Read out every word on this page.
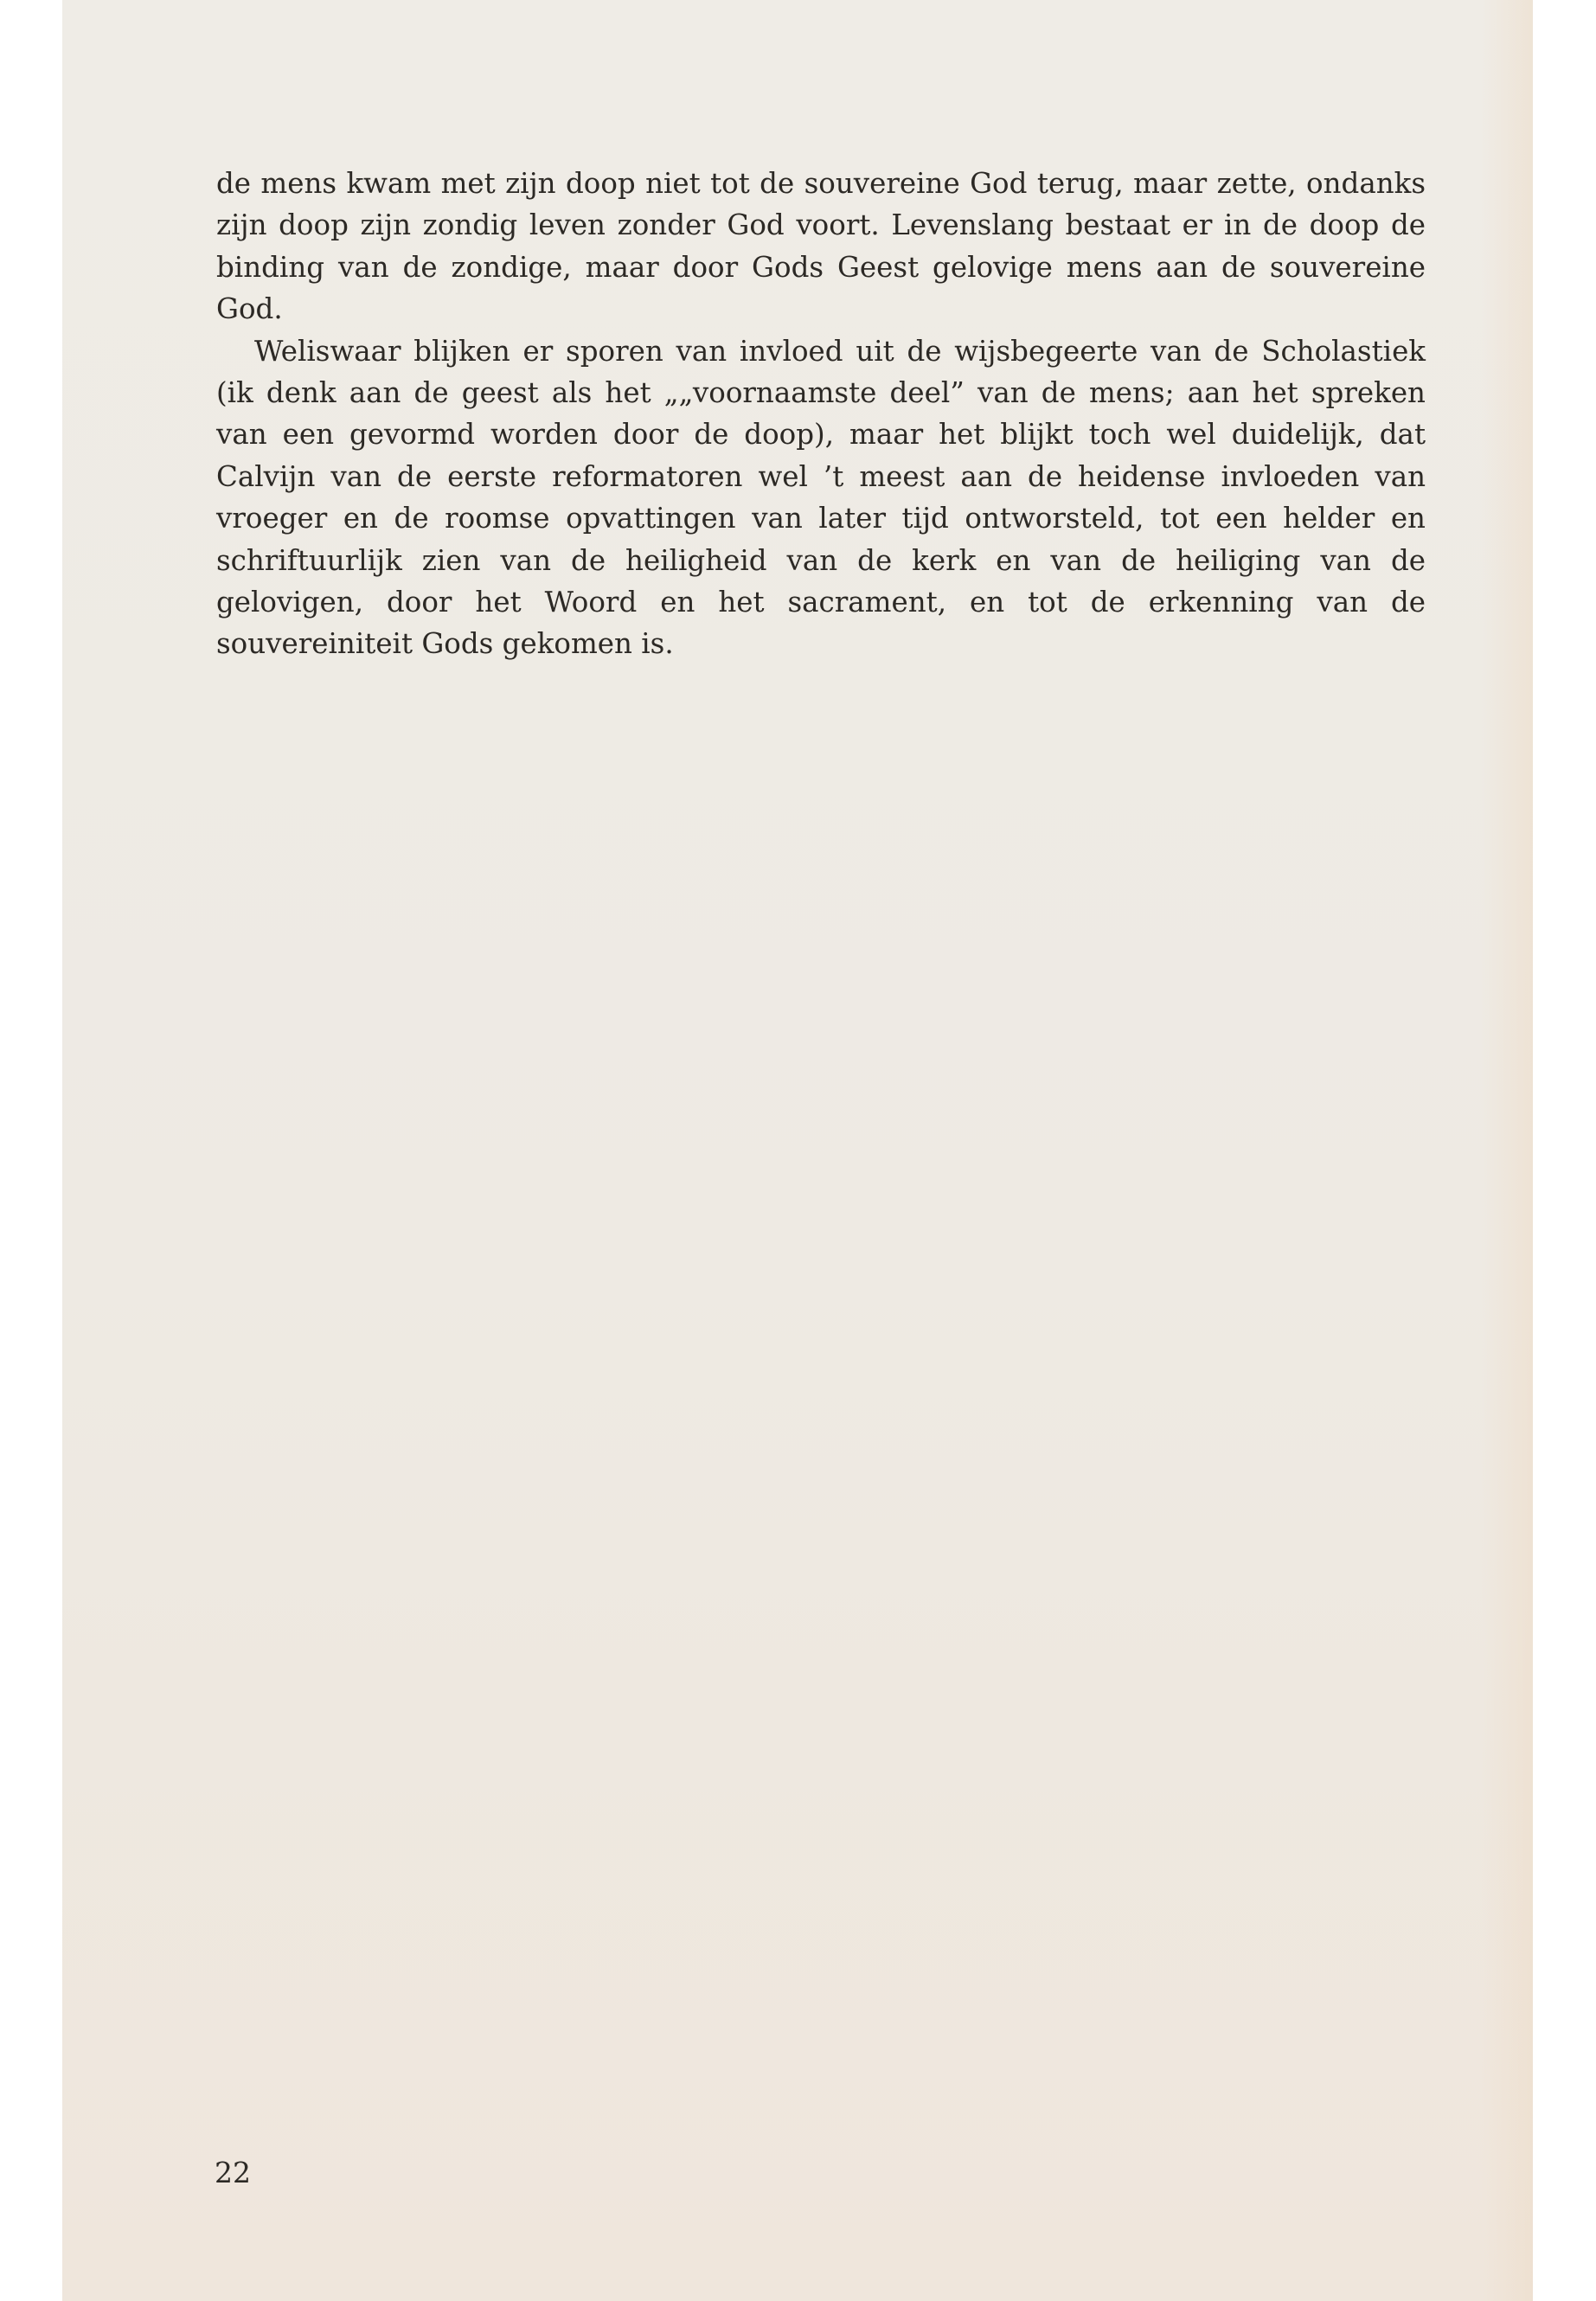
de mens kwam met zijn doop niet tot de souvereine God terug, maar zette, ondanks zijn doop zijn zondig leven zonder God voort. Levenslang bestaat er in de doop de binding van de zondige, maar door Gods Geest gelovige mens aan de souvereine God.

Weliswaar blijken er sporen van invloed uit de wijsbegeerte van de Scholastiek (ik denk aan de geest als het „„voornaamste deel” van de mens; aan het spreken van een gevormd worden door de doop), maar het blijkt toch wel duidelijk, dat Calvijn van de eerste reformatoren wel ’t meest aan de heidense invloeden van vroeger en de roomse opvattingen van later tijd ontworsteld, tot een helder en schriftuurlijk zien van de heiligheid van de kerk en van de heiliging van de gelovigen, door het Woord en het sacrament, en tot de erkenning van de souvereiniteit Gods gekomen is.

22
